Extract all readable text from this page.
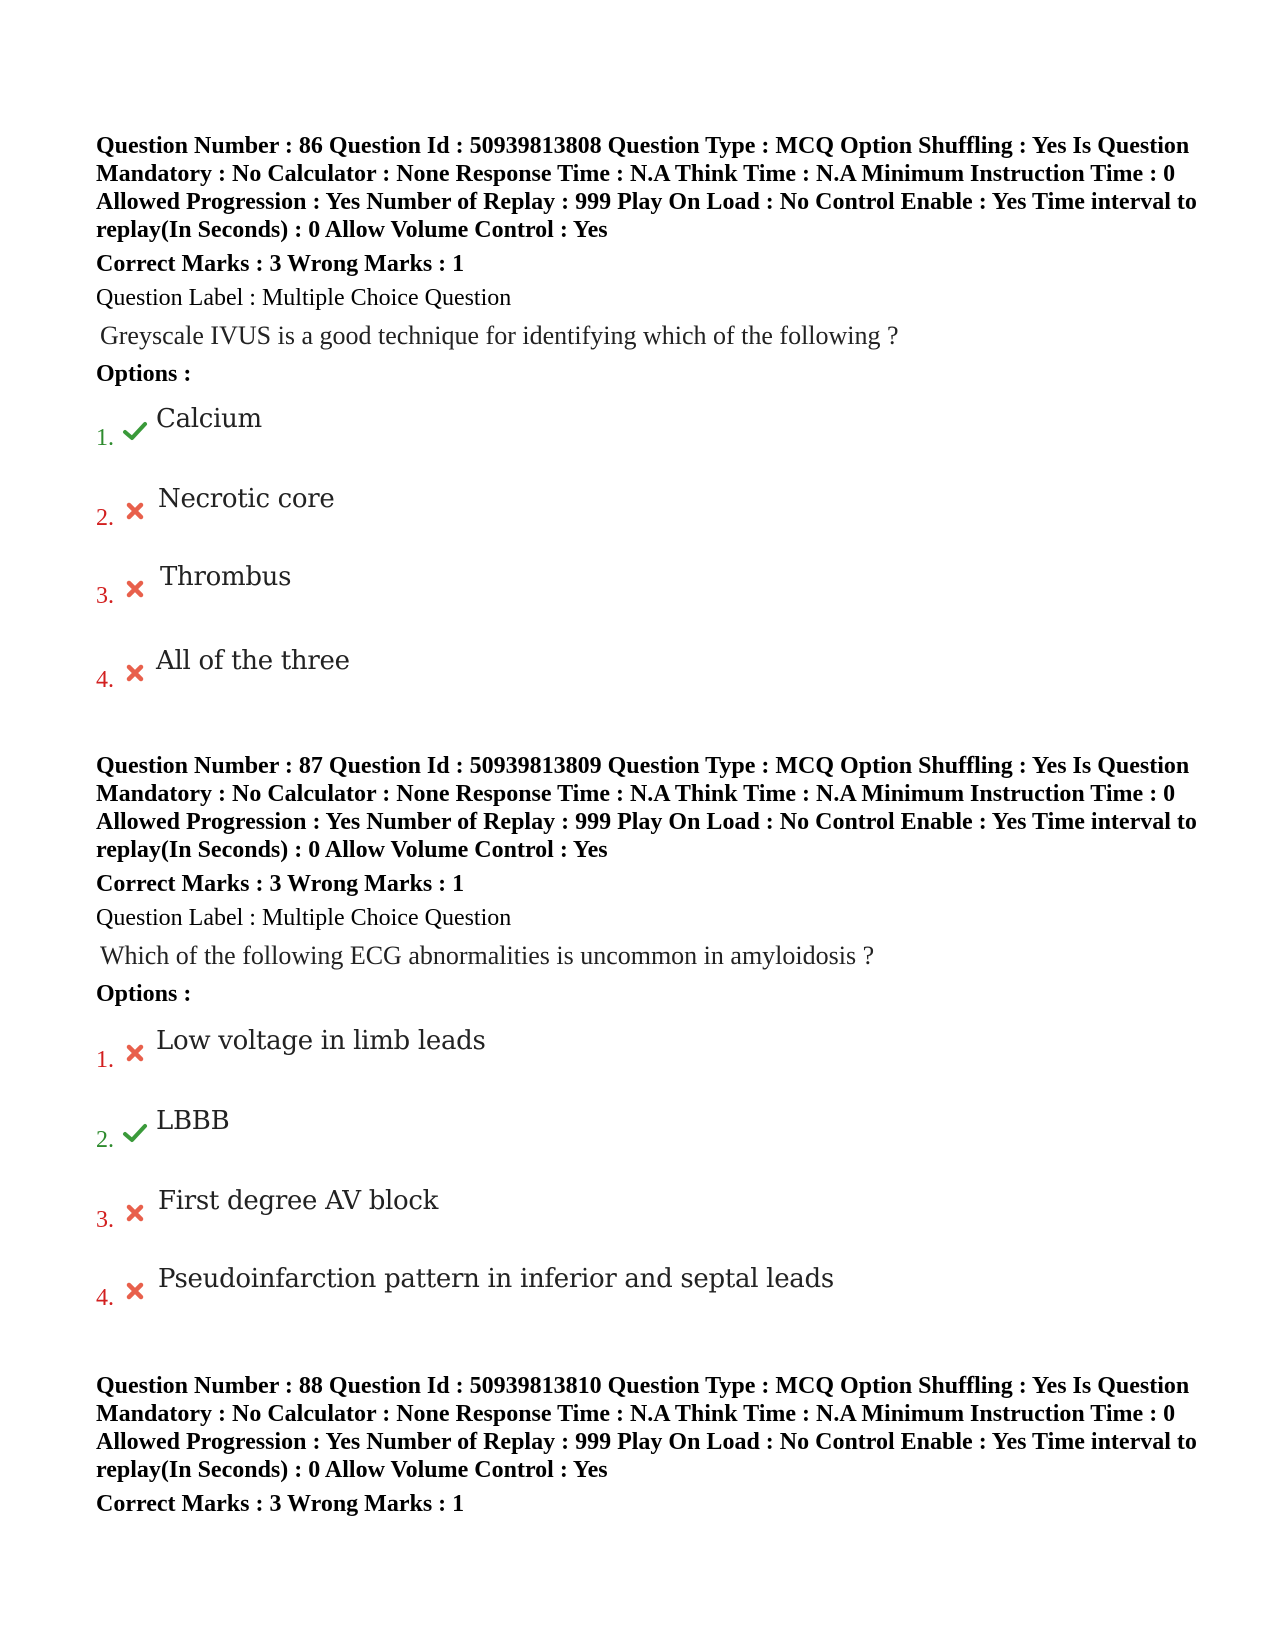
Question Number : 86 Question Id : 50939813808 Question Type : MCQ Option Shuffling : Yes Is Question Mandatory : No Calculator : None Response Time : N.A Think Time : N.A Minimum Instruction Time : 0 Allowed Progression : Yes Number of Replay : 999 Play On Load : No Control Enable : Yes Time interval to replay(In Seconds) : 0 Allow Volume Control : Yes
Correct Marks : 3 Wrong Marks : 1
Question Label : Multiple Choice Question
Greyscale IVUS is a good technique for identifying which of the following ?
Options :
1.
Calcium
2.
Necrotic core
3.
Thrombus
4.
All of the three
Question Number : 87 Question Id : 50939813809 Question Type : MCQ Option Shuffling : Yes Is Question Mandatory : No Calculator : None Response Time : N.A Think Time : N.A Minimum Instruction Time : 0 Allowed Progression : Yes Number of Replay : 999 Play On Load : No Control Enable : Yes Time interval to replay(In Seconds) : 0 Allow Volume Control : Yes
Correct Marks : 3 Wrong Marks : 1
Question Label : Multiple Choice Question
Which of the following ECG abnormalities is uncommon in amyloidosis ?
Options :
1.
Low voltage in limb leads
2.
LBBB
3.
First degree AV block
4.
Pseudoinfarction pattern in inferior and septal leads
Question Number : 88 Question Id : 50939813810 Question Type : MCQ Option Shuffling : Yes Is Question Mandatory : No Calculator : None Response Time : N.A Think Time : N.A Minimum Instruction Time : 0 Allowed Progression : Yes Number of Replay : 999 Play On Load : No Control Enable : Yes Time interval to replay(In Seconds) : 0 Allow Volume Control : Yes
Correct Marks : 3 Wrong Marks : 1
